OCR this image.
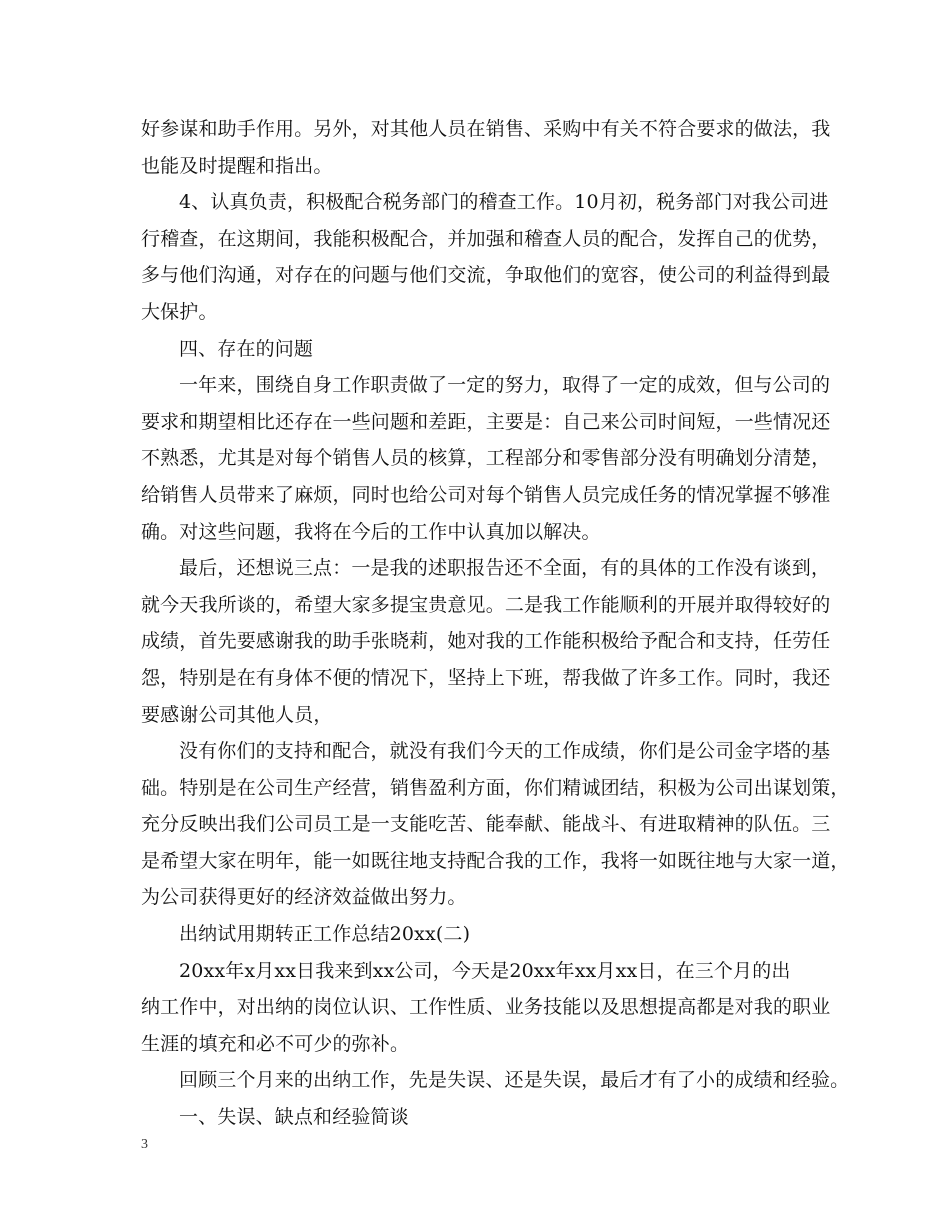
好参谋和助手作用。另外，对其他人员在销售、采购中有关不符合要求的做法，我
也能及时提醒和指出。
4、认真负责，积极配合税务部门的稽查工作。10月初，税务部门对我公司进
行稽查，在这期间，我能积极配合，并加强和稽查人员的配合，发挥自己的优势，
多与他们沟通，对存在的问题与他们交流，争取他们的宽容，使公司的利益得到最
大保护。
四、存在的问题
一年来，围绕自身工作职责做了一定的努力，取得了一定的成效，但与公司的
要求和期望相比还存在一些问题和差距，主要是：自己来公司时间短，一些情况还
不熟悉，尤其是对每个销售人员的核算，工程部分和零售部分没有明确划分清楚，
给销售人员带来了麻烦，同时也给公司对每个销售人员完成任务的情况掌握不够准
确。对这些问题，我将在今后的工作中认真加以解决。
最后，还想说三点：一是我的述职报告还不全面，有的具体的工作没有谈到，
就今天我所谈的，希望大家多提宝贵意见。二是我工作能顺利的开展并取得较好的
成绩，首先要感谢我的助手张晓莉，她对我的工作能积极给予配合和支持，任劳任
怨，特别是在有身体不便的情况下，坚持上下班，帮我做了许多工作。同时，我还
要感谢公司其他人员，
没有你们的支持和配合，就没有我们今天的工作成绩，你们是公司金字塔的基
础。特别是在公司生产经营，销售盈利方面，你们精诚团结，积极为公司出谋划策，
充分反映出我们公司员工是一支能吃苦、能奉献、能战斗、有进取精神的队伍。三
是希望大家在明年，能一如既往地支持配合我的工作，我将一如既往地与大家一道，
为公司获得更好的经济效益做出努力。
出纳试用期转正工作总结20xx(二)
20xx年x月xx日我来到xx公司，今天是20xx年xx月xx日，在三个月的出
纳工作中，对出纳的岗位认识、工作性质、业务技能以及思想提高都是对我的职业
生涯的填充和必不可少的弥补。
回顾三个月来的出纳工作，先是失误、还是失误，最后才有了小的成绩和经验。
一、失误、缺点和经验简谈
3
